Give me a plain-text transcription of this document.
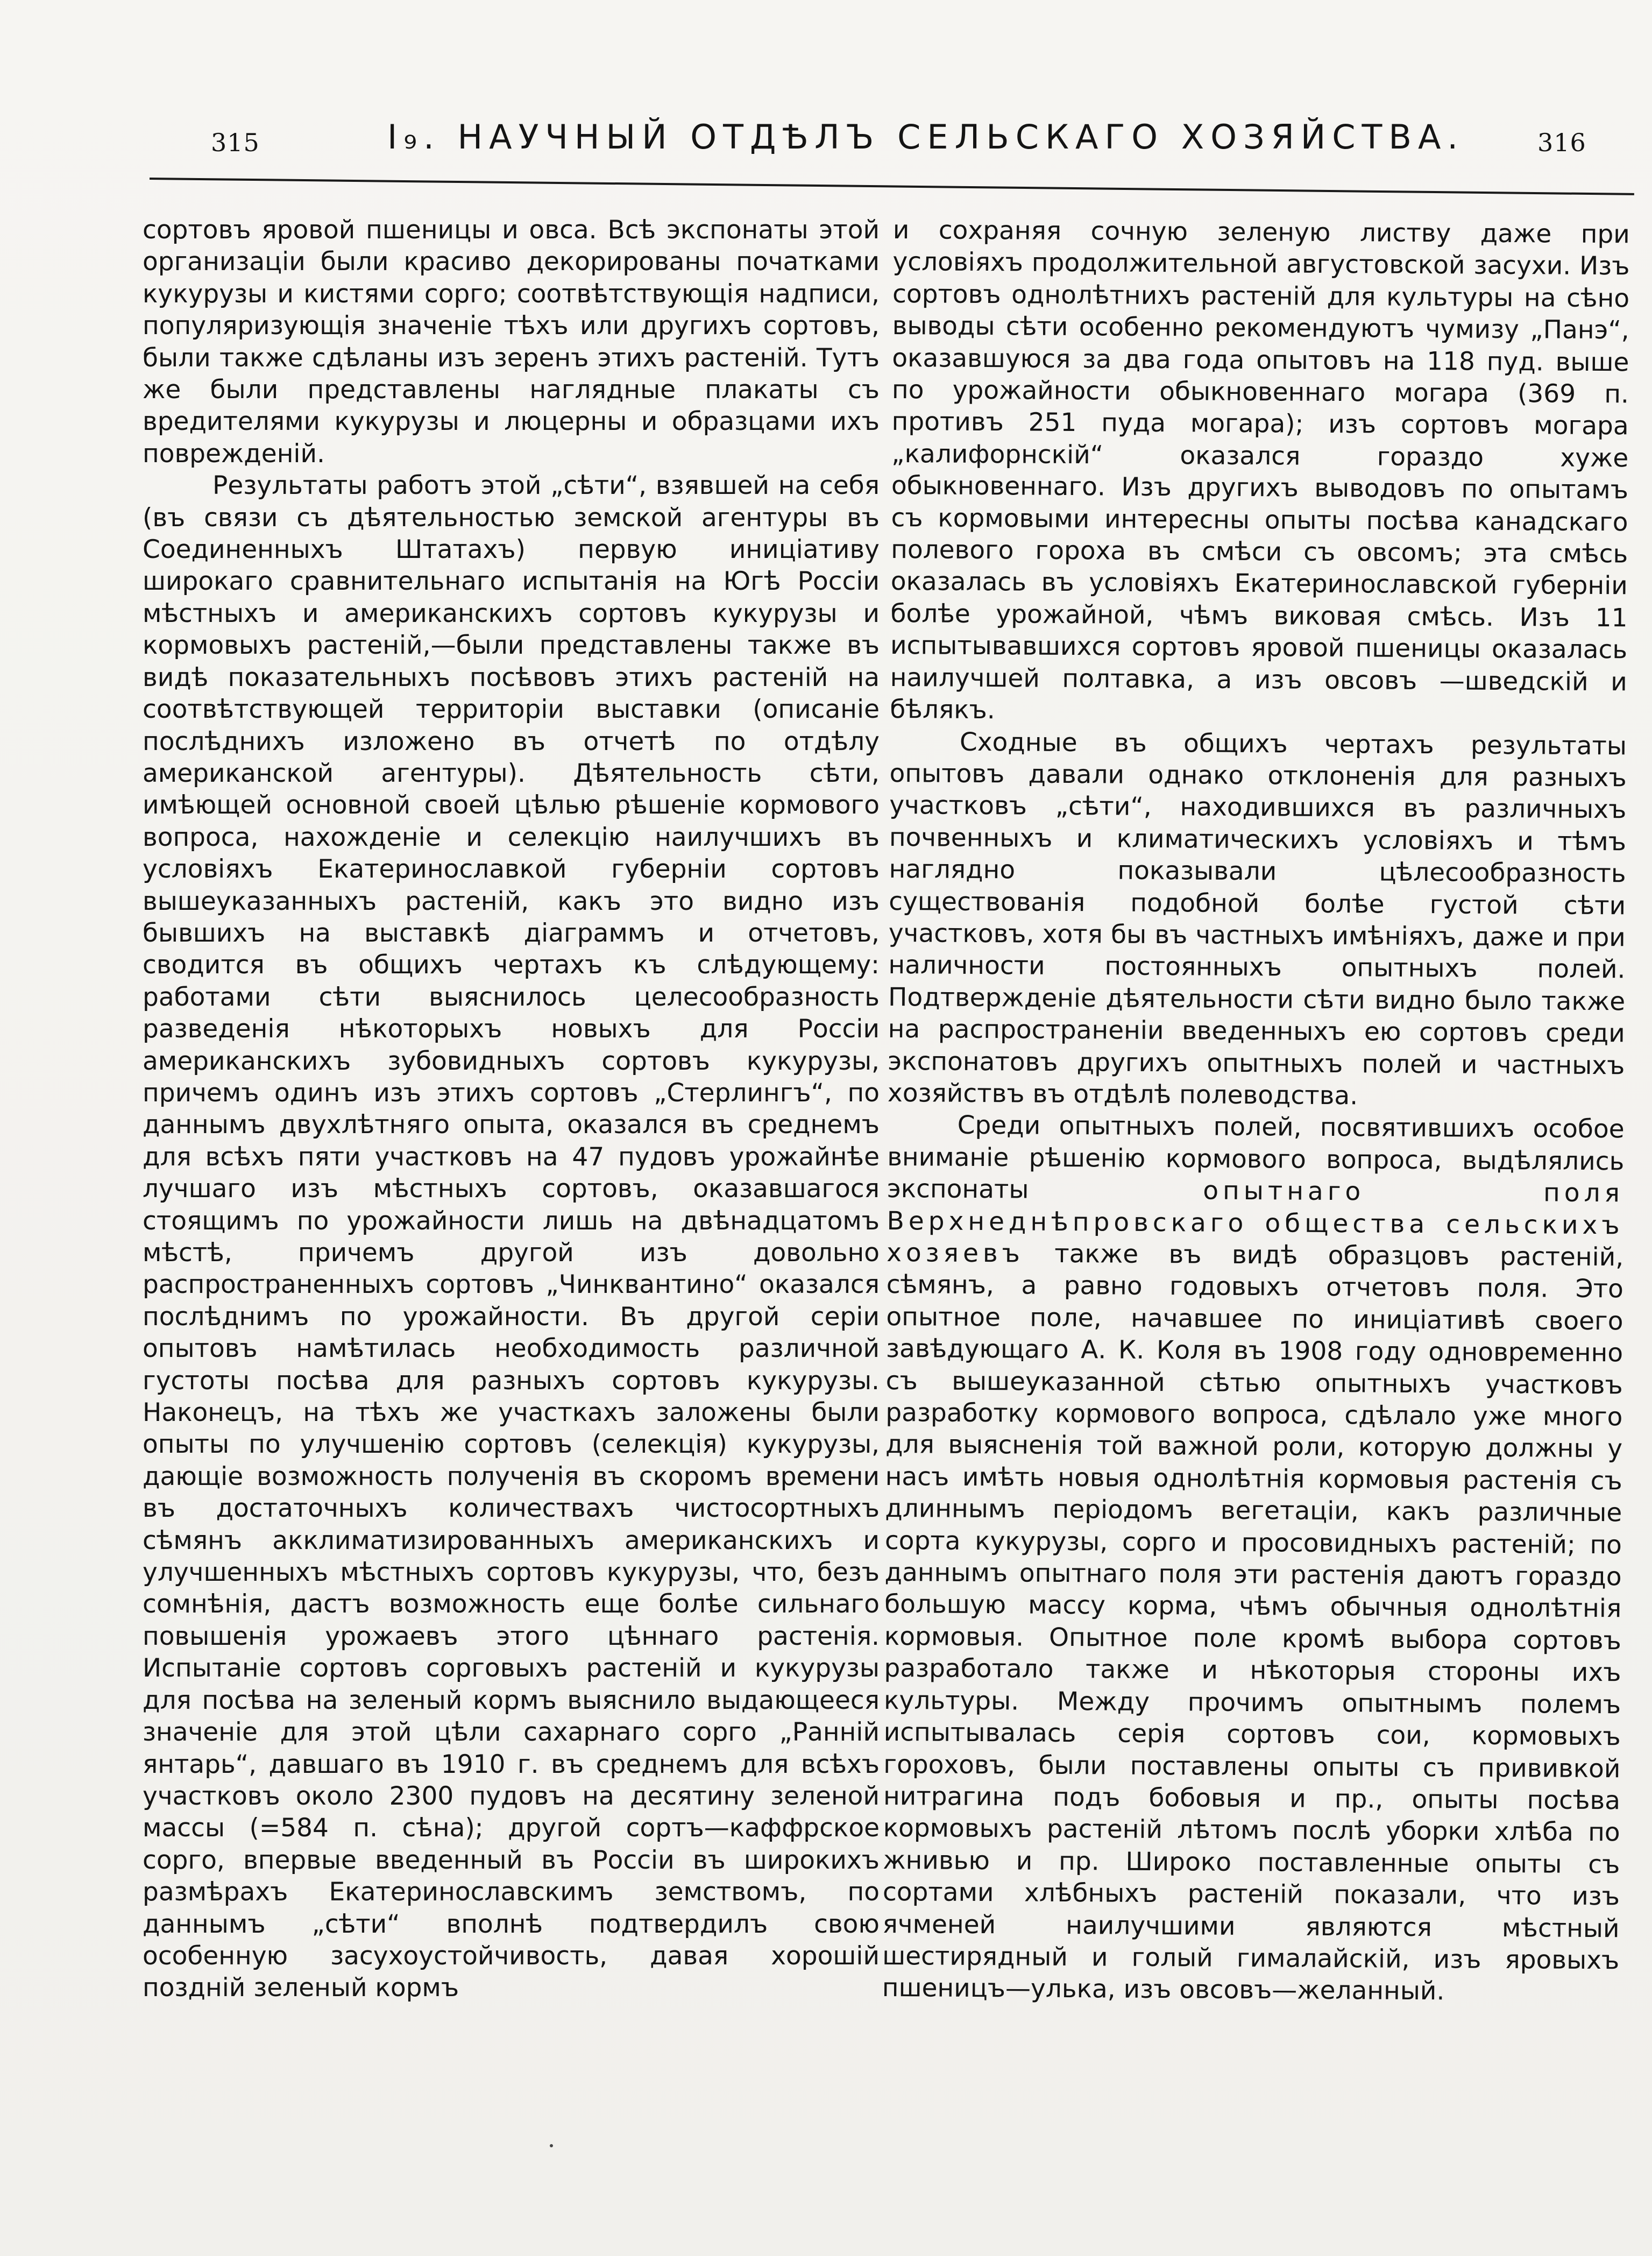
315	I₉. НАУЧНЫЙ ОТДѢЛЪ СЕЛЬСКАГО ХОЗЯЙСТВА.	316

сортовъ яровой пшеницы и овса. Всѣ экспонаты этой организаціи были красиво декорированы початками кукурузы и кистями сорго; соотвѣтствующія надписи, популяризующія значеніе тѣхъ или другихъ сортовъ, были также сдѣланы изъ зеренъ этихъ растеній. Тутъ же были представлены наглядные плакаты съ вредителями кукурузы и люцерны и образцами ихъ поврежденій.

Результаты работъ этой „сѣти“, взявшей на себя (въ связи съ дѣятельностью земской агентуры въ Соединенныхъ Штатахъ) первую иниціативу широкаго сравнительнаго испытанія на Югѣ Россіи мѣстныхъ и американскихъ сортовъ кукурузы и кормовыхъ растеній,—были представлены также въ видѣ показательныхъ посѣвовъ этихъ растеній на соотвѣтствующей территоріи выставки (описаніе послѣднихъ изложено въ отчетѣ по отдѣлу американской агентуры). Дѣятельность сѣти, имѣющей основной своей цѣлью рѣшеніе кормового вопроса, нахожденіе и селекцію наилучшихъ въ условіяхъ Екатеринославкой губерніи сортовъ вышеуказанныхъ растеній, какъ это видно изъ бывшихъ на выставкѣ діаграммъ и отчетовъ, сводится въ общихъ чертахъ къ слѣдующему: работами сѣти выяснилось целесообразность разведенія нѣкоторыхъ новыхъ для Россіи американскихъ зубовидныхъ сортовъ кукурузы, причемъ одинъ изъ этихъ сортовъ „Стерлингъ“, по даннымъ двухлѣтняго опыта, оказался въ среднемъ для всѣхъ пяти участковъ на 47 пудовъ урожайнѣе лучшаго изъ мѣстныхъ сортовъ, оказавшагося стоящимъ по урожайности лишь на двѣнадцатомъ мѣстѣ, причемъ другой изъ довольно распространенныхъ сортовъ „Чинквантино“ оказался послѣднимъ по урожайности. Въ другой серіи опытовъ намѣтилась необходимость различной густоты посѣва для разныхъ сортовъ кукурузы. Наконецъ, на тѣхъ же участкахъ заложены были опыты по улучшенію сортовъ (селекція) кукурузы, дающіе возможность полученія въ скоромъ времени въ достаточныхъ количествахъ чистосортныхъ сѣмянъ акклиматизированныхъ американскихъ и улучшенныхъ мѣстныхъ сортовъ кукурузы, что, безъ сомнѣнія, дастъ возможность еще болѣе сильнаго повышенія урожаевъ этого цѣннаго растенія. Испытаніе сортовъ сорговыхъ растеній и кукурузы для посѣва на зеленый кормъ выяснило выдающееся значеніе для этой цѣли сахарнаго сорго „Ранній янтарь“, давшаго въ 1910 г. въ среднемъ для всѣхъ участковъ около 2300 пудовъ на десятину зеленой массы (=584 п. сѣна); другой сортъ—каффрское сорго, впервые введенный въ Россіи въ широкихъ размѣрахъ Екатеринославскимъ земствомъ, по даннымъ „сѣти“ вполнѣ подтвердилъ свою особенную засухоустойчивость, давая хорошій поздній зеленый кормъ

и сохраняя сочную зеленую листву даже при условіяхъ продолжительной августовской засухи. Изъ сортовъ однолѣтнихъ растеній для культуры на сѣно выводы сѣти особенно рекомендуютъ чумизу „Панэ“, оказавшуюся за два года опытовъ на 118 пуд. выше по урожайности обыкновеннаго могара (369 п. противъ 251 пуда могара); изъ сортовъ могара „калифорнскій“ оказался гораздо хуже обыкновеннаго. Изъ другихъ выводовъ по опытамъ съ кормовыми интересны опыты посѣва канадскаго полевого гороха въ смѣси съ овсомъ; эта смѣсь оказалась въ условіяхъ Екатеринославской губерніи болѣе урожайной, чѣмъ виковая смѣсь. Изъ 11 испытывавшихся сортовъ яровой пшеницы оказалась наилучшей полтавка, а изъ овсовъ —шведскій и бѣлякъ.

Сходные въ общихъ чертахъ результаты опытовъ давали однако отклоненія для разныхъ участковъ „сѣти“, находившихся въ различныхъ почвенныхъ и климатическихъ условіяхъ и тѣмъ наглядно показывали цѣлесообразность существованія подобной болѣе густой сѣти участковъ, хотя бы въ частныхъ имѣніяхъ, даже и при наличности постоянныхъ опытныхъ полей. Подтвержденіе дѣятельности сѣти видно было также на распространеніи введенныхъ ею сортовъ среди экспонатовъ другихъ опытныхъ полей и частныхъ хозяйствъ въ отдѣлѣ полеводства.

Среди опытныхъ полей, посвятившихъ особое вниманіе рѣшенію кормового вопроса, выдѣлялись экспонаты опытнаго поля Верхнеднѣпровскаго общества сельскихъ хозяевъ также въ видѣ образцовъ растеній, сѣмянъ, а равно годовыхъ отчетовъ поля. Это опытное поле, начавшее по иниціативѣ своего завѣдующаго А. К. Коля въ 1908 году одновременно съ вышеуказанной сѣтью опытныхъ участковъ разработку кормового вопроса, сдѣлало уже много для выясненія той важной роли, которую должны у насъ имѣть новыя однолѣтнія кормовыя растенія съ длиннымъ періодомъ вегетаціи, какъ различные сорта кукурузы, сорго и просовидныхъ растеній; по даннымъ опытнаго поля эти растенія даютъ гораздо большую массу корма, чѣмъ обычныя однолѣтнія кормовыя. Опытное поле кромѣ выбора сортовъ разработало также и нѣкоторыя стороны ихъ культуры. Между прочимъ опытнымъ полемъ испытывалась серія сортовъ сои, кормовыхъ гороховъ, были поставлены опыты съ прививкой нитрагина подъ бобовыя и пр., опыты посѣва кормовыхъ растеній лѣтомъ послѣ уборки хлѣба по жнивью и пр. Широко поставленные опыты съ сортами хлѣбныхъ растеній показали, что изъ ячменей наилучшими являются мѣстный шестирядный и голый гималайскій, изъ яровыхъ пшеницъ—улька, изъ овсовъ—желанный.
